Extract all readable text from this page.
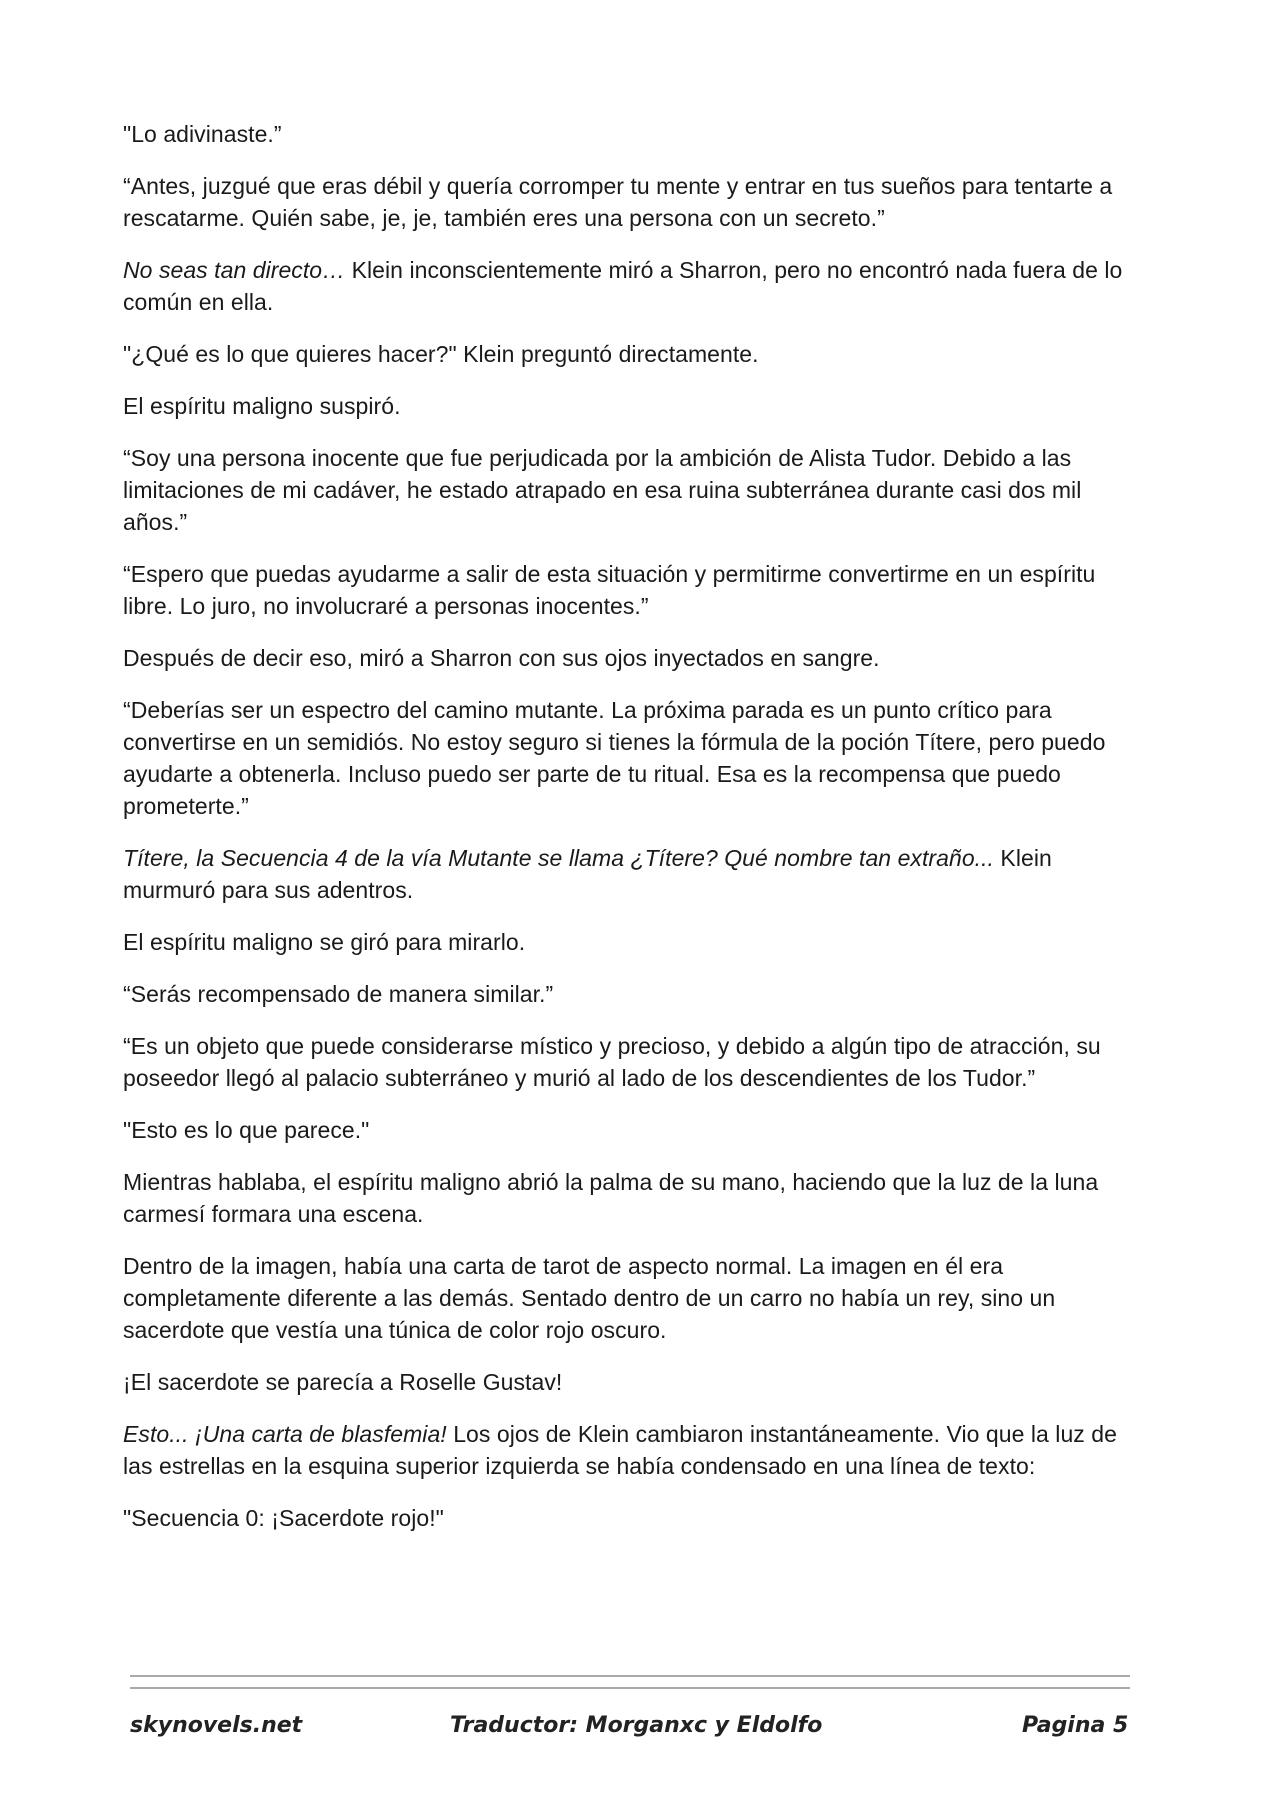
"Lo adivinaste.”

“Antes, juzgué que eras débil y quería corromper tu mente y entrar en tus sueños para tentarte a rescatarme. Quién sabe, je, je, también eres una persona con un secreto.”

No seas tan directo… Klein inconscientemente miró a Sharron, pero no encontró nada fuera de lo común en ella.

"¿Qué es lo que quieres hacer?" Klein preguntó directamente.

El espíritu maligno suspiró.

“Soy una persona inocente que fue perjudicada por la ambición de Alista Tudor. Debido a las limitaciones de mi cadáver, he estado atrapado en esa ruina subterránea durante casi dos mil años.”

“Espero que puedas ayudarme a salir de esta situación y permitirme convertirme en un espíritu libre. Lo juro, no involucraré a personas inocentes.”

Después de decir eso, miró a Sharron con sus ojos inyectados en sangre.

“Deberías ser un espectro del camino mutante. La próxima parada es un punto crítico para convertirse en un semidiós. No estoy seguro si tienes la fórmula de la poción Títere, pero puedo ayudarte a obtenerla. Incluso puedo ser parte de tu ritual. Esa es la recompensa que puedo prometerte.”

Títere, la Secuencia 4 de la vía Mutante se llama ¿Títere? Qué nombre tan extraño... Klein murmuró para sus adentros.

El espíritu maligno se giró para mirarlo.

“Serás recompensado de manera similar.”

“Es un objeto que puede considerarse místico y precioso, y debido a algún tipo de atracción, su poseedor llegó al palacio subterráneo y murió al lado de los descendientes de los Tudor.”

"Esto es lo que parece."

Mientras hablaba, el espíritu maligno abrió la palma de su mano, haciendo que la luz de la luna carmesí formara una escena.

Dentro de la imagen, había una carta de tarot de aspecto normal. La imagen en él era completamente diferente a las demás. Sentado dentro de un carro no había un rey, sino un sacerdote que vestía una túnica de color rojo oscuro.

¡El sacerdote se parecía a Roselle Gustav!

Esto... ¡Una carta de blasfemia! Los ojos de Klein cambiaron instantáneamente. Vio que la luz de las estrellas en la esquina superior izquierda se había condensado en una línea de texto:

"Secuencia 0: ¡Sacerdote rojo!"

skynovels.net	Traductor: Morganxc y Eldolfo	Pagina 5
